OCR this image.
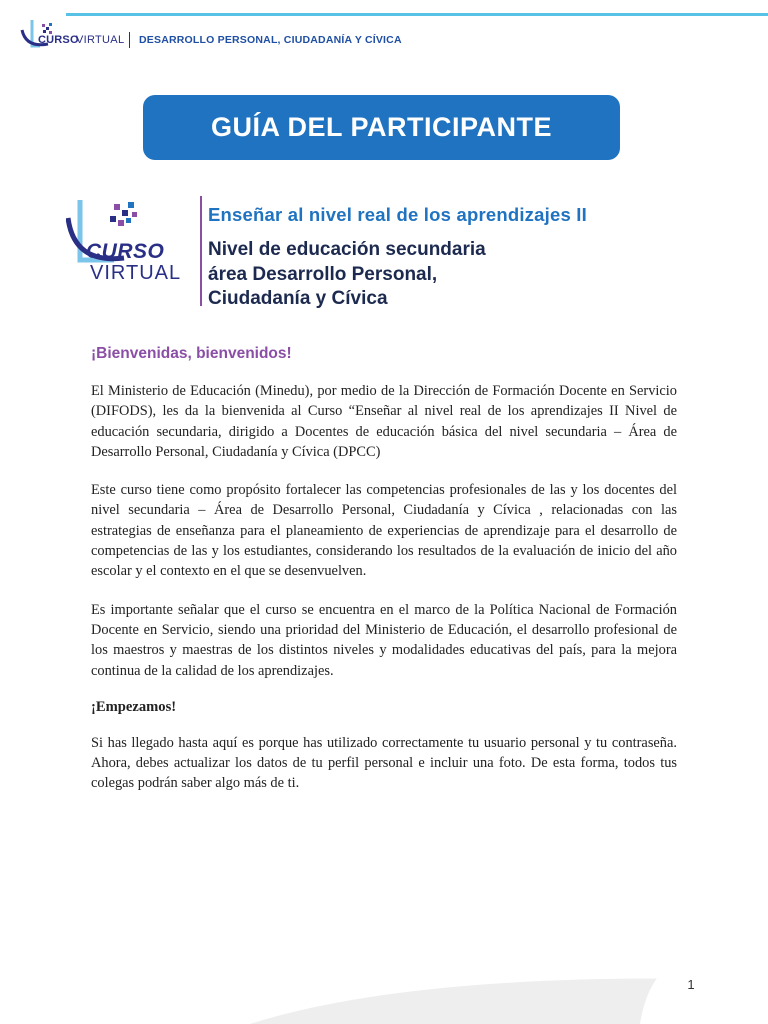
CURSO
VIRTUAL DESARROLLO PERSONAL, CIUDADANÍA Y CÍVICA
GUÍA DEL PARTICIPANTE
CURSO
VIRTUAL
Enseñar al nivel real de los aprendizajes II
Nivel de educación secundaria
área Desarrollo Personal,
Ciudadanía y Cívica

¡Bienvenidas, bienvenidos!

El Ministerio de Educación (Minedu), por medio de la Dirección de Formación Docente en Servicio (DIFODS), les da la bienvenida al Curso “Enseñar al nivel real de los aprendizajes II Nivel de educación secundaria, dirigido a Docentes de educación básica del nivel secundaria – Área de Desarrollo Personal, Ciudadanía y Cívica (DPCC)

Este curso tiene como propósito fortalecer las competencias profesionales de las y los docentes del nivel secundaria – Área de Desarrollo Personal, Ciudadanía y Cívica , relacionadas con las estrategias de enseñanza para el planeamiento de experiencias de aprendizaje para el desarrollo de competencias de las y los estudiantes, considerando los resultados de la evaluación de inicio del año escolar y el contexto en el que se desenvuelven.

Es importante señalar que el curso se encuentra en el marco de la Política Nacional de Formación Docente en Servicio, siendo una prioridad del Ministerio de Educación, el desarrollo profesional de los maestros y maestras de los distintos niveles y modalidades educativas del país, para la mejora continua de la calidad de los aprendizajes.

¡Empezamos!

Si has llegado hasta aquí es porque has utilizado correctamente tu usuario personal y tu contraseña. Ahora, debes actualizar los datos de tu perfil personal e incluir una foto. De esta forma, todos tus colegas podrán saber algo más de ti.

1
